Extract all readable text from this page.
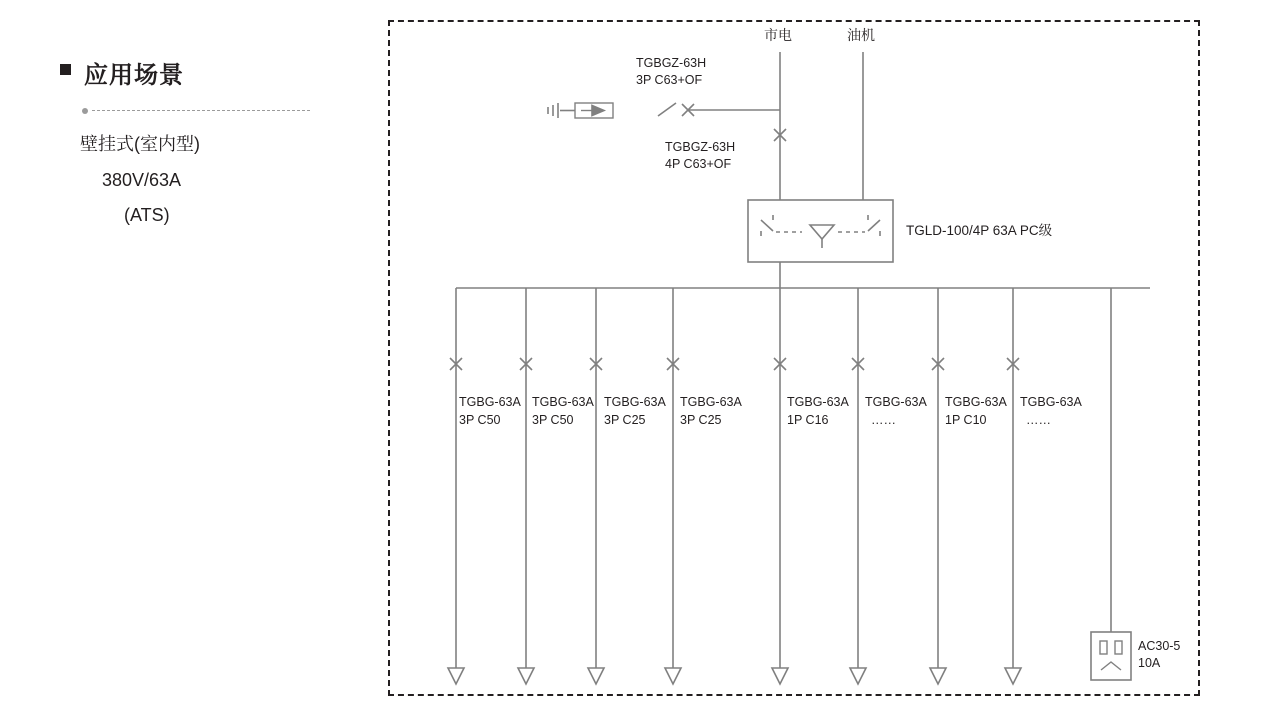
应用场景
壁挂式(室内型)
380V/63A
(ATS)
市电	油机
TGBGZ-63H
3P C63+OF
TGBGZ-63H
4P C63+OF
TGLD-100/4P 63A PC级
TGBG-63A
3P C50
TGBG-63A
3P C50
TGBG-63A
3P C25
TGBG-63A
3P C25
TGBG-63A
1P C16
TGBG-63A
……
TGBG-63A
1P C10
TGBG-63A
……
AC30-5
10A
